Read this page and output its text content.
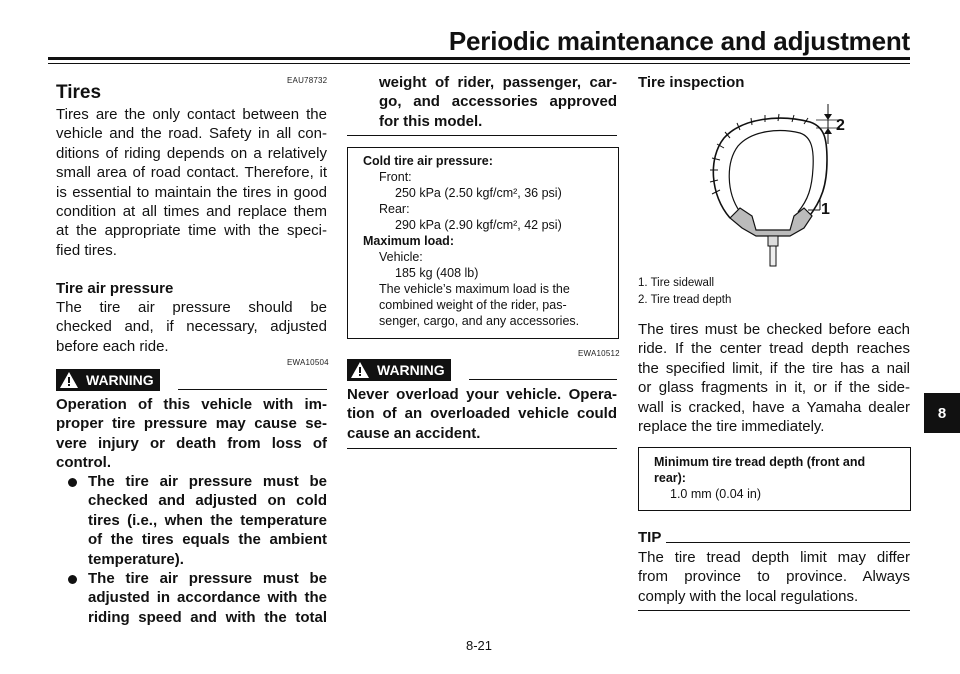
Periodic maintenance and adjustment
EAU78732
Tires
Tires are the only contact between the
vehicle and the road. Safety in all con-
ditions of riding depends on a relatively
small area of road contact. Therefore, it
is essential to maintain the tires in good
condition at all times and replace them
at the appropriate time with the speci-
fied tires.
Tire air pressure
The tire air pressure should be
checked and, if necessary, adjusted
before each ride.
EWA10504
WARNING
Operation of this vehicle with im-
proper tire pressure may cause se-
vere injury or death from loss of
control.
The tire air pressure must be
checked and adjusted on cold
tires (i.e., when the temperature
of the tires equals the ambient
temperature).
The tire air pressure must be
adjusted in accordance with the
riding speed and with the total
weight of rider, passenger, car-
go, and accessories approved
for this model.
Cold tire air pressure:
Front:
250 kPa (2.50 kgf/cm², 36 psi)
Rear:
290 kPa (2.90 kgf/cm², 42 psi)
Maximum load:
Vehicle:
185 kg (408 lb)
The vehicle’s maximum load is the
combined weight of the rider, pas-
senger, cargo, and any accessories.
EWA10512
WARNING
Never overload your vehicle. Opera-
tion of an overloaded vehicle could
cause an accident.
Tire inspection
2
1
1. Tire sidewall
2. Tire tread depth
The tires must be checked before each
ride. If the center tread depth reaches
the specified limit, if the tire has a nail
or glass fragments in it, or if the side-
wall is cracked, have a Yamaha dealer
replace the tire immediately.
Minimum tire tread depth (front and
rear):
1.0 mm (0.04 in)
TIP
The tire tread depth limit may differ
from province to province. Always
comply with the local regulations.
8
8-21
